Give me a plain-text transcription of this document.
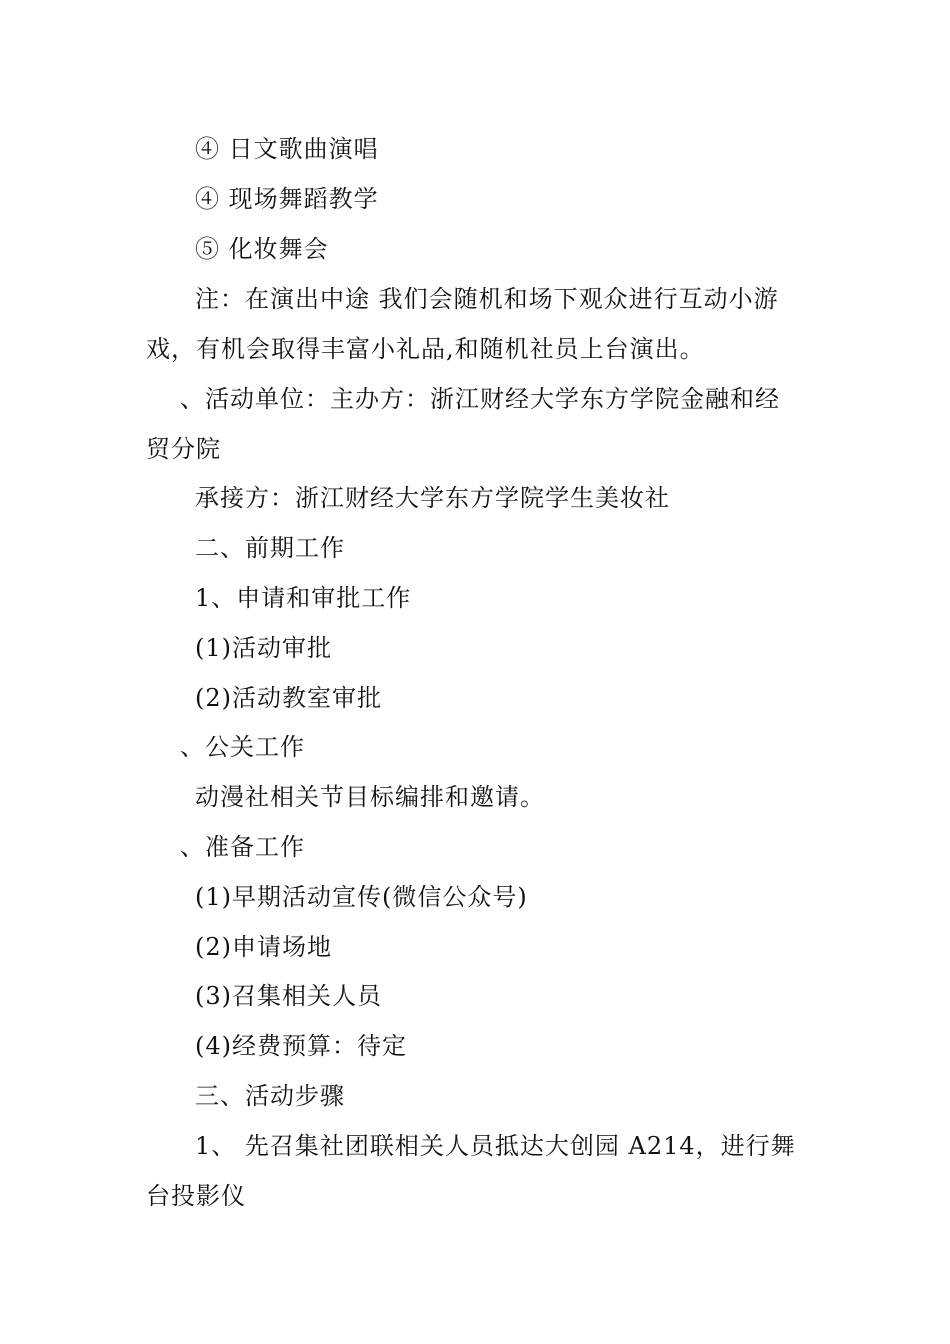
④ 日文歌曲演唱
④ 现场舞蹈教学
⑤ 化妆舞会
注：在演出中途 我们会随机和场下观众进行互动小游
戏，有机会取得丰富小礼品,和随机社员上台演出。
、活动单位：主办方：浙江财经大学东方学院金融和经
贸分院
承接方：浙江财经大学东方学院学生美妆社
二、前期工作
1、申请和审批工作
(1)活动审批
(2)活动教室审批
、公关工作
动漫社相关节目标编排和邀请。
、准备工作
(1)早期活动宣传(微信公众号)
(2)申请场地
(3)召集相关人员
(4)经费预算：待定
三、活动步骤
1、 先召集社团联相关人员抵达大创园 A214，进行舞
台投影仪
